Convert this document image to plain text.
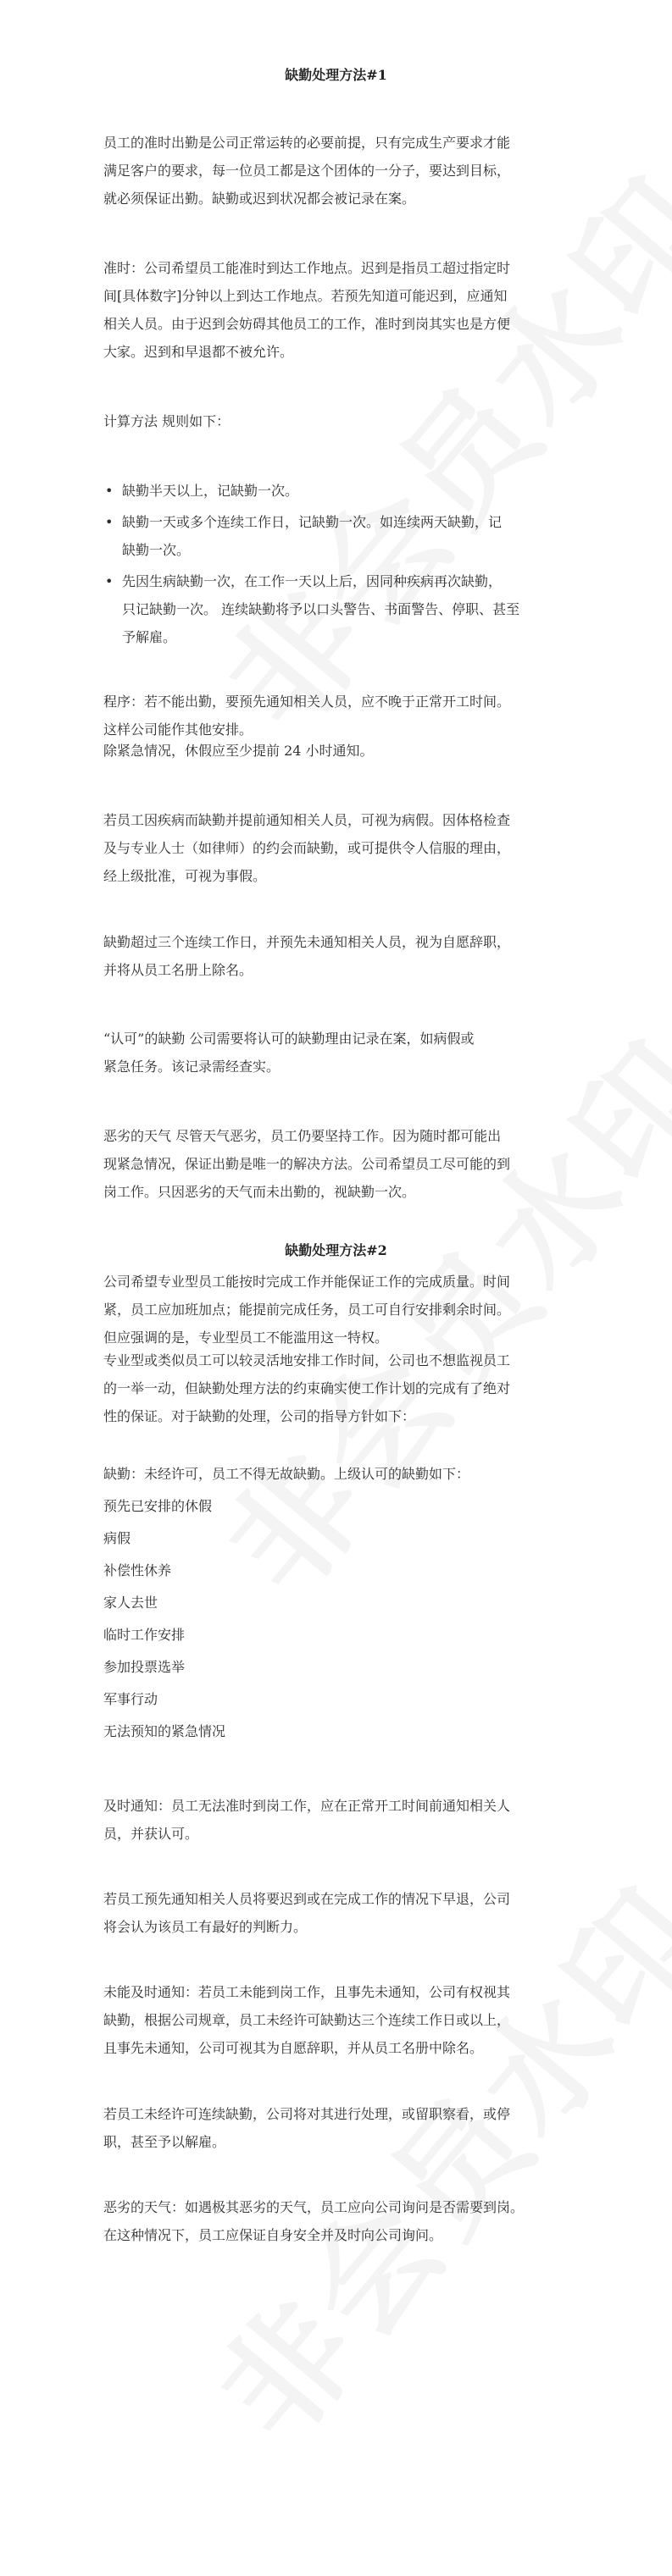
缺勤处理方法#1
员工的准时出勤是公司正常运转的必要前提，只有完成生产要求才能
满足客户的要求，每一位员工都是这个团体的一分子，要达到目标，
就必须保证出勤。缺勤或迟到状况都会被记录在案。
准时：公司希望员工能准时到达工作地点。迟到是指员工超过指定时
间[具体数字]分钟以上到达工作地点。若预先知道可能迟到，应通知
相关人员。由于迟到会妨碍其他员工的工作，准时到岗其实也是方便
大家。迟到和早退都不被允许。
计算方法 规则如下：
• 缺勤半天以上，记缺勤一次。
• 缺勤一天或多个连续工作日，记缺勤一次。如连续两天缺勤，记
缺勤一次。
• 先因生病缺勤一次，在工作一天以上后，因同种疾病再次缺勤，
只记缺勤一次。 连续缺勤将予以口头警告、书面警告、停职、甚至
予解雇。
程序：若不能出勤，要预先通知相关人员，应不晚于正常开工时间。
这样公司能作其他安排。
除紧急情况，休假应至少提前 24 小时通知。
若员工因疾病而缺勤并提前通知相关人员，可视为病假。因体格检查
及与专业人士（如律师）的约会而缺勤，或可提供令人信服的理由，
经上级批准，可视为事假。
缺勤超过三个连续工作日，并预先未通知相关人员，视为自愿辞职，
并将从员工名册上除名。
“认可”的缺勤 公司需要将认可的缺勤理由记录在案，如病假或
紧急任务。该记录需经查实。
恶劣的天气 尽管天气恶劣，员工仍要坚持工作。因为随时都可能出
现紧急情况，保证出勤是唯一的解决方法。公司希望员工尽可能的到
岗工作。只因恶劣的天气而未出勤的，视缺勤一次。
缺勤处理方法#2
公司希望专业型员工能按时完成工作并能保证工作的完成质量。时间
紧，员工应加班加点；能提前完成任务，员工可自行安排剩余时间。
但应强调的是，专业型员工不能滥用这一特权。
专业型或类似员工可以较灵活地安排工作时间，公司也不想监视员工
的一举一动，但缺勤处理方法的约束确实使工作计划的完成有了绝对
性的保证。对于缺勤的处理，公司的指导方针如下：
缺勤：未经许可，员工不得无故缺勤。上级认可的缺勤如下：
预先已安排的休假
病假
补偿性休养
家人去世
临时工作安排
参加投票选举
军事行动
无法预知的紧急情况
及时通知：员工无法准时到岗工作，应在正常开工时间前通知相关人
员，并获认可。
若员工预先通知相关人员将要迟到或在完成工作的情况下早退，公司
将会认为该员工有最好的判断力。
未能及时通知：若员工未能到岗工作，且事先未通知，公司有权视其
缺勤，根据公司规章，员工未经许可缺勤达三个连续工作日或以上，
且事先未通知，公司可视其为自愿辞职，并从员工名册中除名。
若员工未经许可连续缺勤，公司将对其进行处理，或留职察看，或停
职，甚至予以解雇。
恶劣的天气：如遇极其恶劣的天气，员工应向公司询问是否需要到岗。
在这种情况下，员工应保证自身安全并及时向公司询问。
